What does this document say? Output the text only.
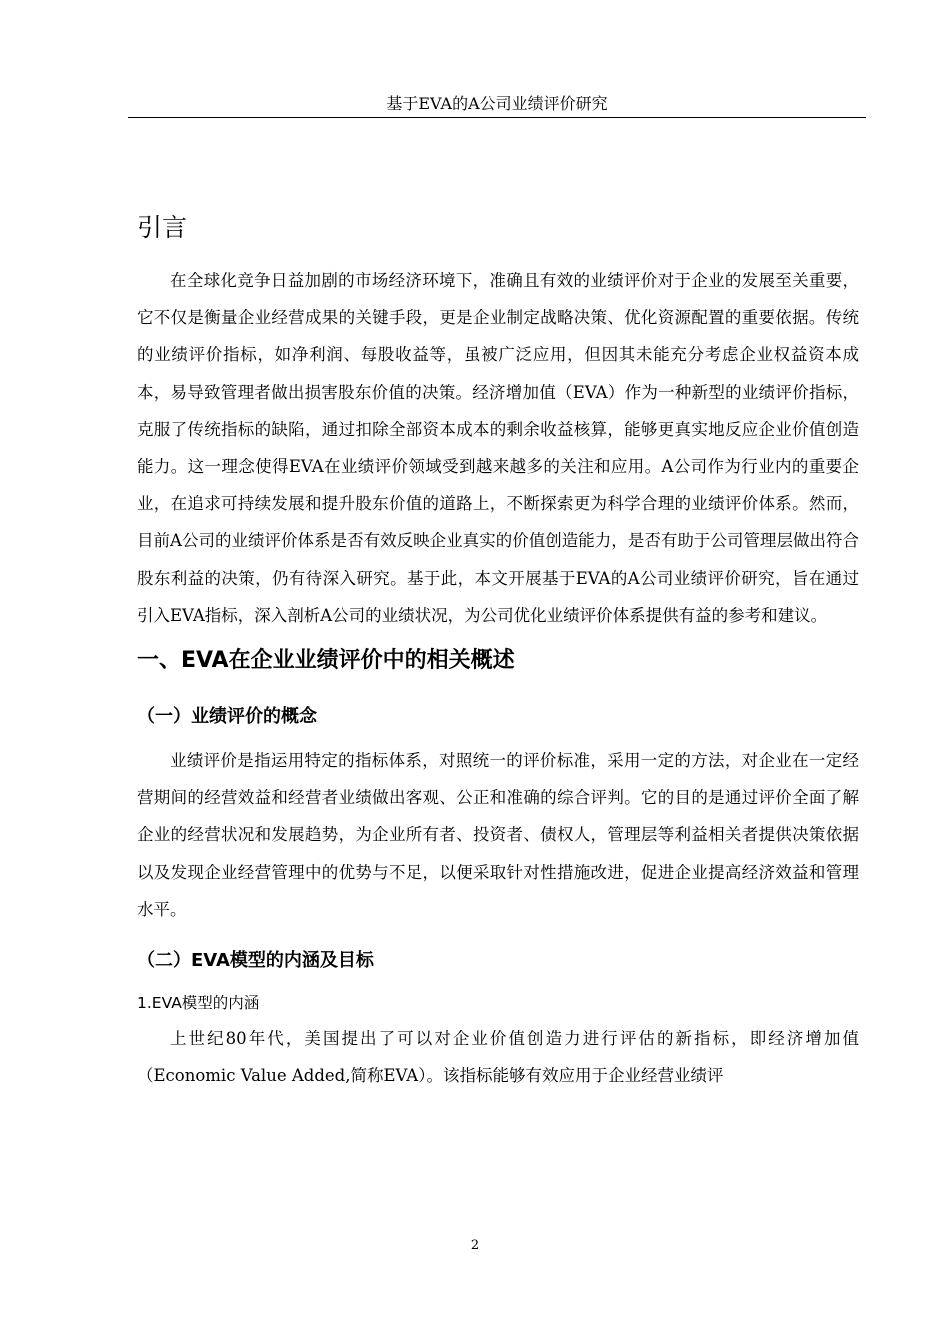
基于EVA的A公司业绩评价研究
引言

在全球化竞争日益加剧的市场经济环境下，准确且有效的业绩评价对于企业的发展至关重要，它不仅是衡量企业经营成果的关键手段，更是企业制定战略决策、优化资源配置的重要依据。传统的业绩评价指标，如净利润、每股收益等，虽被广泛应用，但因其未能充分考虑企业权益资本成本，易导致管理者做出损害股东价值的决策。经济增加值（EVA）作为一种新型的业绩评价指标，克服了传统指标的缺陷，通过扣除全部资本成本的剩余收益核算，能够更真实地反应企业价值创造能力。这一理念使得EVA在业绩评价领域受到越来越多的关注和应用。A公司作为行业内的重要企业，在追求可持续发展和提升股东价值的道路上，不断探索更为科学合理的业绩评价体系。然而，目前A公司的业绩评价体系是否有效反映企业真实的价值创造能力，是否有助于公司管理层做出符合股东利益的决策，仍有待深入研究。基于此，本文开展基于EVA的A公司业绩评价研究，旨在通过引入EVA指标，深入剖析A公司的业绩状况，为公司优化业绩评价体系提供有益的参考和建议。

一、EVA在企业业绩评价中的相关概述
（一）业绩评价的概念

业绩评价是指运用特定的指标体系，对照统一的评价标准，采用一定的方法，对企业在一定经营期间的经营效益和经营者业绩做出客观、公正和准确的综合评判。它的目的是通过评价全面了解企业的经营状况和发展趋势，为企业所有者、投资者、债权人，管理层等利益相关者提供决策依据以及发现企业经营管理中的优势与不足，以便采取针对性措施改进，促进企业提高经济效益和管理水平。

（二）EVA模型的内涵及目标
1.EVA模型的内涵

上世纪80年代，美国提出了可以对企业价值创造力进行评估的新指标，即经济增加值（Economic Value Added,简称EVA）。该指标能够有效应用于企业经营业绩评

2
